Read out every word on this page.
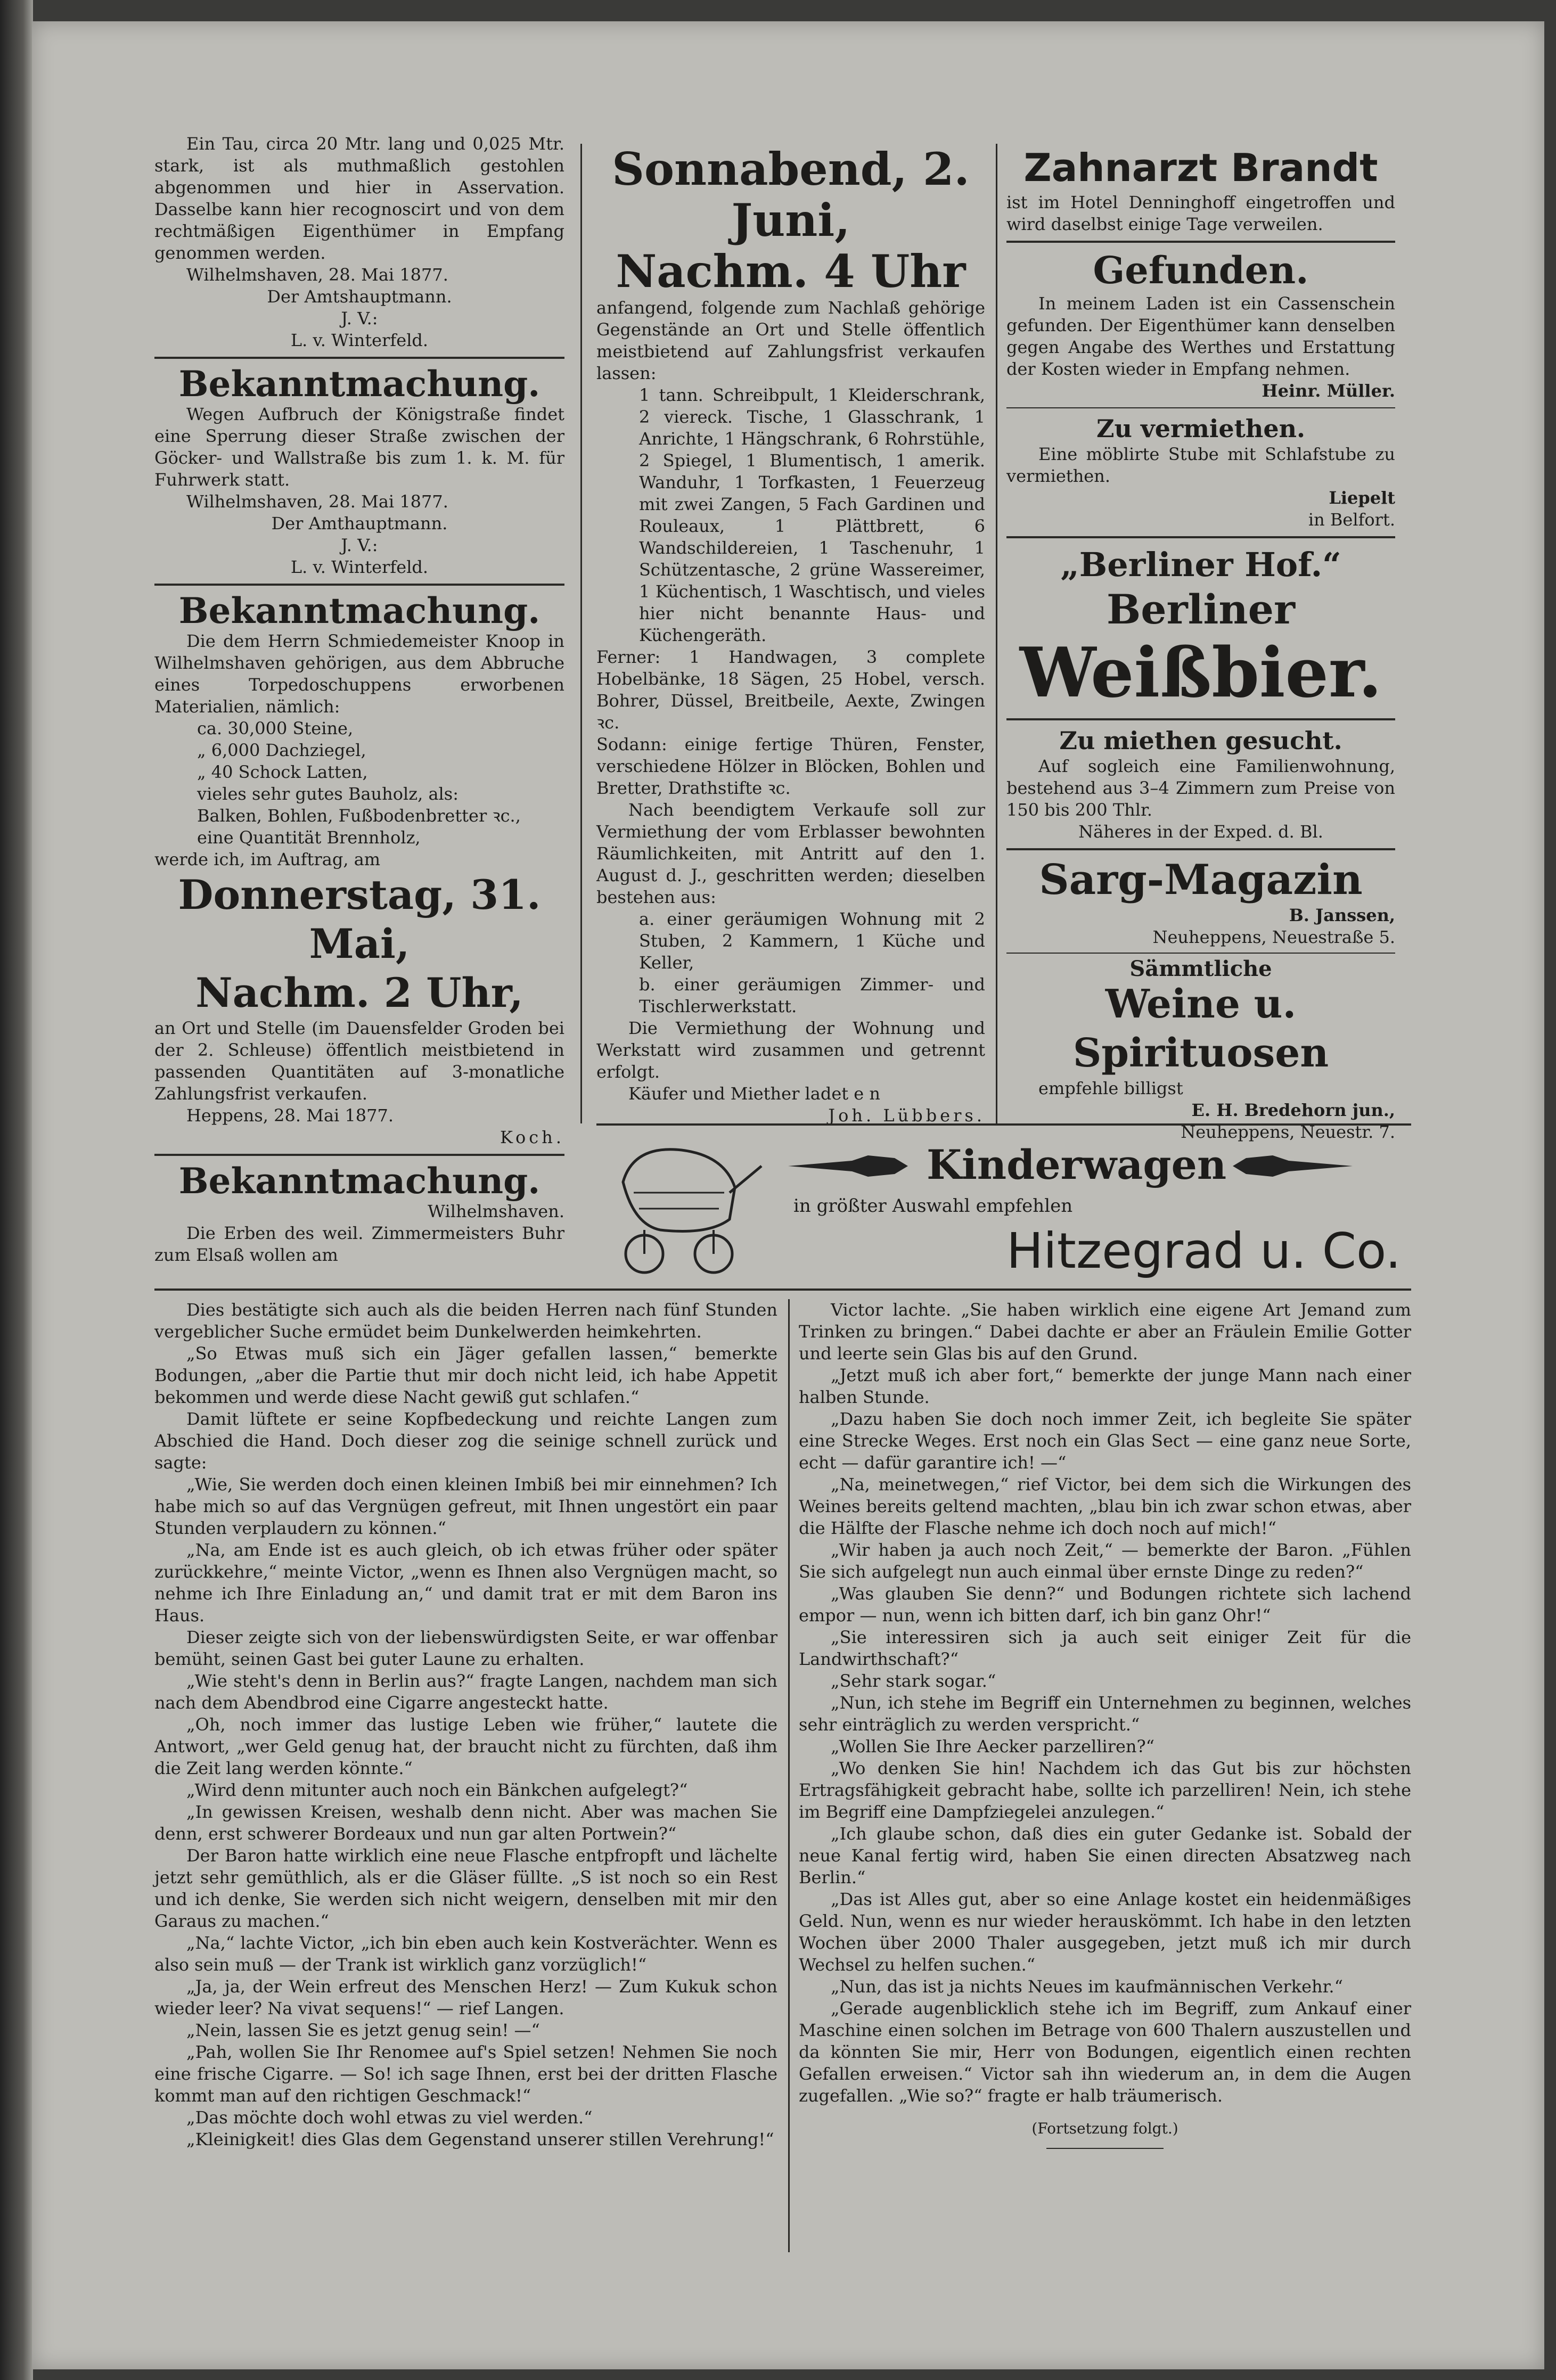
Ein Tau, circa 20 Mtr. lang und 0,025 Mtr. stark, ist als muthmaßlich gestohlen abgenommen und hier in Asservation. Dasselbe kann hier recognoscirt und von dem rechtmäßigen Eigenthümer in Empfang genommen werden.

Wilhelmshaven, 28. Mai 1877.

Der Amtshauptmann.

J. V.:

L. v. Winterfeld.

Bekanntmachung.

Wegen Aufbruch der Königstraße findet eine Sperrung dieser Straße zwischen der Göcker- und Wallstraße bis zum 1. k. M. für Fuhrwerk statt.

Wilhelmshaven, 28. Mai 1877.

Der Amthauptmann.

J. V.:

L. v. Winterfeld.

Bekanntmachung.

Die dem Herrn Schmiedemeister Knoop in Wilhelmshaven gehörigen, aus dem Abbruche eines Torpedoschuppens erworbenen Materialien, nämlich:

ca. 30,000 Steine,

„ 6,000 Dachziegel,

„ 40 Schock Latten,

vieles sehr gutes Bauholz, als:

Balken, Bohlen, Fußbodenbretter ꝛc.,

eine Quantität Brennholz,

werde ich, im Auftrag, am

Donnerstag, 31. Mai,

Nachm. 2 Uhr,

an Ort und Stelle (im Dauensfelder Groden bei der 2. Schleuse) öffentlich meistbietend in passenden Quantitäten auf 3-monatliche Zahlungsfrist verkaufen.

Heppens, 28. Mai 1877.

Koch.

Bekanntmachung.

Wilhelmshaven.

Die Erben des weil. Zimmermeisters Buhr zum Elsaß wollen am

Sonnabend, 2. Juni,

Nachm. 4 Uhr

anfangend, folgende zum Nachlaß gehörige Gegenstände an Ort und Stelle öffentlich meistbietend auf Zahlungsfrist verkaufen lassen:

1 tann. Schreibpult, 1 Kleiderschrank, 2 viereck. Tische, 1 Glasschrank, 1 Anrichte, 1 Hängschrank, 6 Rohrstühle, 2 Spiegel, 1 Blumentisch, 1 amerik. Wanduhr, 1 Torfkasten, 1 Feuerzeug mit zwei Zangen, 5 Fach Gardinen und Rouleaux, 1 Plättbrett, 6 Wandschildereien, 1 Taschenuhr, 1 Schützentasche, 2 grüne Wassereimer, 1 Küchentisch, 1 Waschtisch, und vieles hier nicht benannte Haus- und Küchengeräth.

Ferner: 1 Handwagen, 3 complete Hobelbänke, 18 Sägen, 25 Hobel, versch. Bohrer, Düssel, Breitbeile, Aexte, Zwingen ꝛc.

Sodann: einige fertige Thüren, Fenster, verschiedene Hölzer in Blöcken, Bohlen und Bretter, Drathstifte ꝛc.

Nach beendigtem Verkaufe soll zur Vermiethung der vom Erblasser bewohnten Räumlichkeiten, mit Antritt auf den 1. August d. J., geschritten werden; dieselben bestehen aus:

a. einer geräumigen Wohnung mit 2 Stuben, 2 Kammern, 1 Küche und Keller,

b. einer geräumigen Zimmer- und Tischlerwerkstatt.

Die Vermiethung der Wohnung und Werkstatt wird zusammen und getrennt erfolgt.

Käufer und Miether ladet e n

Joh. Lübbers.

Zahnarzt Brandt

ist im Hotel Denninghoff eingetroffen und wird daselbst einige Tage verweilen.

Gefunden.

In meinem Laden ist ein Cassenschein gefunden. Der Eigenthümer kann denselben gegen Angabe des Werthes und Erstattung der Kosten wieder in Empfang nehmen.

Heinr. Müller.

Zu vermiethen.

Eine möblirte Stube mit Schlafstube zu vermiethen.

Liepelt

in Belfort.

„Berliner Hof.“

Berliner

Weißbier.

Zu miethen gesucht.

Auf sogleich eine Familienwohnung, bestehend aus 3–4 Zimmern zum Preise von 150 bis 200 Thlr.

Näheres in der Exped. d. Bl.

Sarg-Magazin

B. Janssen,

Neuheppens, Neuestraße 5.

Sämmtliche

Weine u. Spirituosen

empfehle billigst

E. H. Bredehorn jun.,

Neuheppens, Neuestr. 7.

Kinderwagen
in größter Auswahl empfehlen
Hitzegrad u. Co.

Dies bestätigte sich auch als die beiden Herren nach fünf Stunden vergeblicher Suche ermüdet beim Dunkelwerden heimkehrten.

„So Etwas muß sich ein Jäger gefallen lassen,“ bemerkte Bodungen, „aber die Partie thut mir doch nicht leid, ich habe Appetit bekommen und werde diese Nacht gewiß gut schlafen.“

Damit lüftete er seine Kopfbedeckung und reichte Langen zum Abschied die Hand. Doch dieser zog die seinige schnell zurück und sagte:

„Wie, Sie werden doch einen kleinen Imbiß bei mir einnehmen? Ich habe mich so auf das Vergnügen gefreut, mit Ihnen ungestört ein paar Stunden verplaudern zu können.“

„Na, am Ende ist es auch gleich, ob ich etwas früher oder später zurückkehre,“ meinte Victor, „wenn es Ihnen also Vergnügen macht, so nehme ich Ihre Einladung an,“ und damit trat er mit dem Baron ins Haus.

Dieser zeigte sich von der liebenswürdigsten Seite, er war offenbar bemüht, seinen Gast bei guter Laune zu erhalten.

„Wie steht's denn in Berlin aus?“ fragte Langen, nachdem man sich nach dem Abendbrod eine Cigarre angesteckt hatte.

„Oh, noch immer das lustige Leben wie früher,“ lautete die Antwort, „wer Geld genug hat, der braucht nicht zu fürchten, daß ihm die Zeit lang werden könnte.“

„Wird denn mitunter auch noch ein Bänkchen aufgelegt?“

„In gewissen Kreisen, weshalb denn nicht. Aber was machen Sie denn, erst schwerer Bordeaux und nun gar alten Portwein?“

Der Baron hatte wirklich eine neue Flasche entpfropft und lächelte jetzt sehr gemüthlich, als er die Gläser füllte. „S ist noch so ein Rest und ich denke, Sie werden sich nicht weigern, denselben mit mir den Garaus zu machen.“

„Na,“ lachte Victor, „ich bin eben auch kein Kostverächter. Wenn es also sein muß — der Trank ist wirklich ganz vorzüglich!“

„Ja, ja, der Wein erfreut des Menschen Herz! — Zum Kukuk schon wieder leer? Na vivat sequens!“ — rief Langen.

„Nein, lassen Sie es jetzt genug sein! —“

„Pah, wollen Sie Ihr Renomee auf's Spiel setzen! Nehmen Sie noch eine frische Cigarre. — So! ich sage Ihnen, erst bei der dritten Flasche kommt man auf den richtigen Geschmack!“

„Das möchte doch wohl etwas zu viel werden.“

„Kleinigkeit! dies Glas dem Gegenstand unserer stillen Verehrung!“

Victor lachte. „Sie haben wirklich eine eigene Art Jemand zum Trinken zu bringen.“ Dabei dachte er aber an Fräulein Emilie Gotter und leerte sein Glas bis auf den Grund.

„Jetzt muß ich aber fort,“ bemerkte der junge Mann nach einer halben Stunde.

„Dazu haben Sie doch noch immer Zeit, ich begleite Sie später eine Strecke Weges. Erst noch ein Glas Sect — eine ganz neue Sorte, echt — dafür garantire ich! —“

„Na, meinetwegen,“ rief Victor, bei dem sich die Wirkungen des Weines bereits geltend machten, „blau bin ich zwar schon etwas, aber die Hälfte der Flasche nehme ich doch noch auf mich!“

„Wir haben ja auch noch Zeit,“ — bemerkte der Baron. „Fühlen Sie sich aufgelegt nun auch einmal über ernste Dinge zu reden?“

„Was glauben Sie denn?“ und Bodungen richtete sich lachend empor — nun, wenn ich bitten darf, ich bin ganz Ohr!“

„Sie interessiren sich ja auch seit einiger Zeit für die Landwirthschaft?“

„Sehr stark sogar.“

„Nun, ich stehe im Begriff ein Unternehmen zu beginnen, welches sehr einträglich zu werden verspricht.“

„Wollen Sie Ihre Aecker parzelliren?“

„Wo denken Sie hin! Nachdem ich das Gut bis zur höchsten Ertragsfähigkeit gebracht habe, sollte ich parzelliren! Nein, ich stehe im Begriff eine Dampfziegelei anzulegen.“

„Ich glaube schon, daß dies ein guter Gedanke ist. Sobald der neue Kanal fertig wird, haben Sie einen directen Absatzweg nach Berlin.“

„Das ist Alles gut, aber so eine Anlage kostet ein heidenmäßiges Geld. Nun, wenn es nur wieder herauskömmt. Ich habe in den letzten Wochen über 2000 Thaler ausgegeben, jetzt muß ich mir durch Wechsel zu helfen suchen.“

„Nun, das ist ja nichts Neues im kaufmännischen Verkehr.“

„Gerade augenblicklich stehe ich im Begriff, zum Ankauf einer Maschine einen solchen im Betrage von 600 Thalern auszustellen und da könnten Sie mir, Herr von Bodungen, eigentlich einen rechten Gefallen erweisen.“ Victor sah ihn wiederum an, in dem die Augen zugefallen. „Wie so?“ fragte er halb träumerisch.

(Fortsetzung folgt.)
